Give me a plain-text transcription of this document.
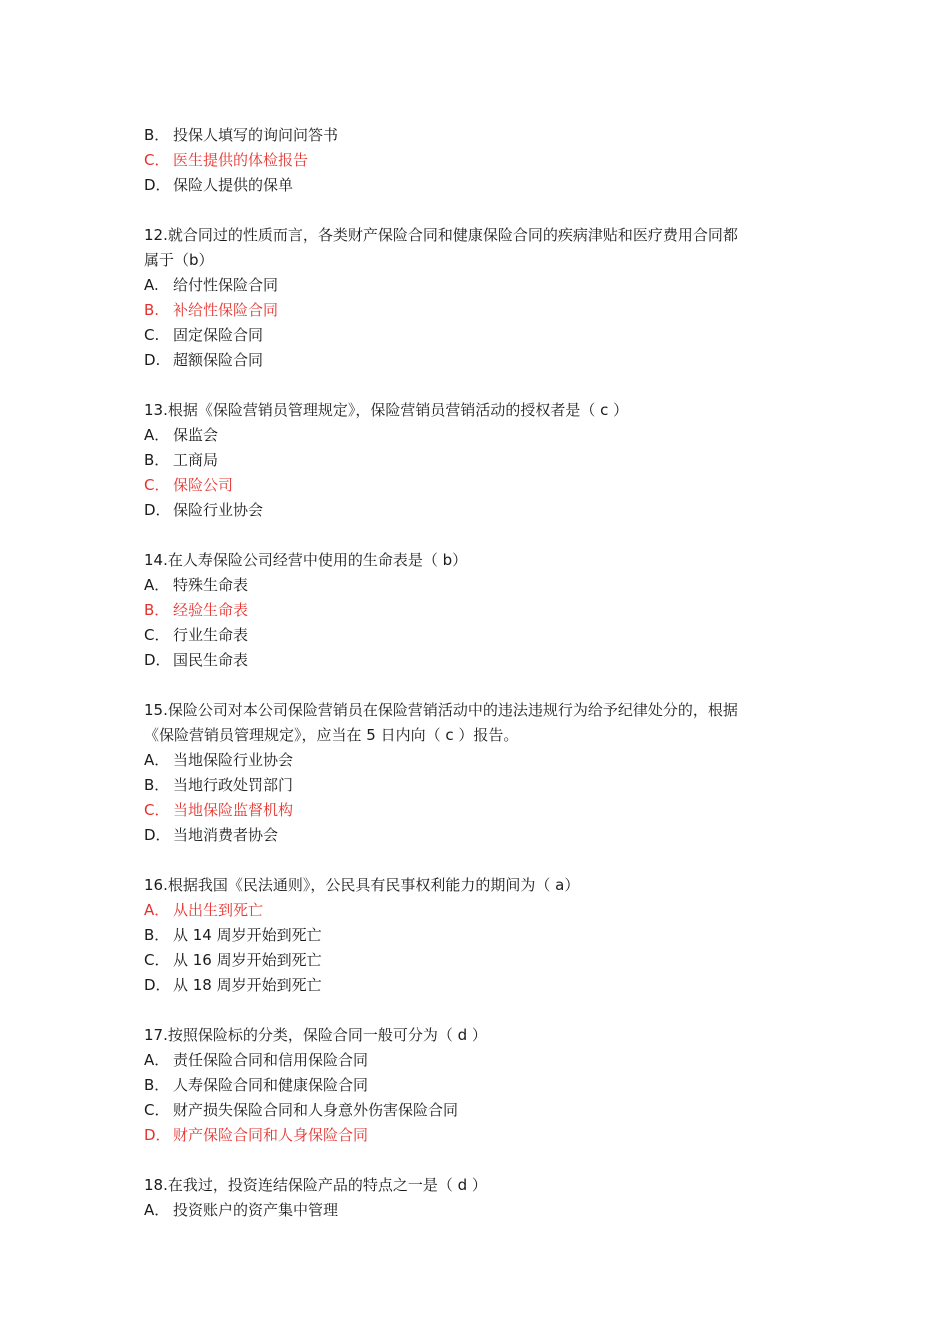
B． 投保人填写的询问问答书
C． 医生提供的体检报告
D． 保险人提供的保单
12.就合同过的性质而言，各类财产保险合同和健康保险合同的疾病津贴和医疗费用合同都
属于（b）
A. 给付性保险合同
B. 补给性保险合同
C. 固定保险合同
D. 超额保险合同
13.根据《保险营销员管理规定》，保险营销员营销活动的授权者是（ c ）
A． 保监会
B． 工商局
C． 保险公司
D． 保险行业协会
14.在人寿保险公司经营中使用的生命表是（ b）
A． 特殊生命表
B． 经验生命表
C． 行业生命表
D． 国民生命表
15.保险公司对本公司保险营销员在保险营销活动中的违法违规行为给予纪律处分的，根据
《保险营销员管理规定》，应当在 5 日内向（ c ）报告。
A． 当地保险行业协会
B． 当地行政处罚部门
C． 当地保险监督机构
D． 当地消费者协会
16.根据我国《民法通则》，公民具有民事权利能力的期间为（ a）
A． 从出生到死亡
B． 从 14 周岁开始到死亡
C． 从 16 周岁开始到死亡
D． 从 18 周岁开始到死亡
17.按照保险标的分类，保险合同一般可分为（ d ）
A． 责任保险合同和信用保险合同
B． 人寿保险合同和健康保险合同
C． 财产损失保险合同和人身意外伤害保险合同
D． 财产保险合同和人身保险合同
18.在我过，投资连结保险产品的特点之一是（ d ）
A． 投资账户的资产集中管理
